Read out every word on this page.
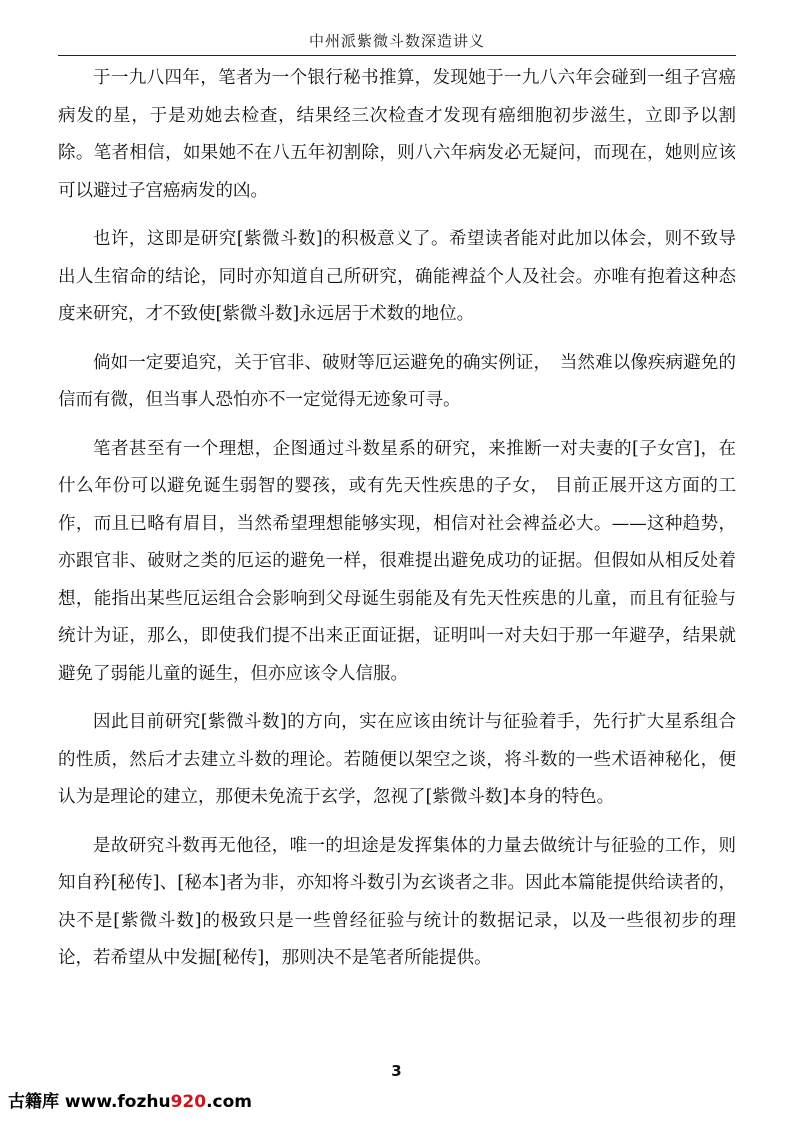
中州派紫微斗数深造讲义

于一九八四年，笔者为一个银行秘书推算，发现她于一九八六年会碰到一组子宫癌病发的星，于是劝她去检查，结果经三次检查才发现有癌细胞初步滋生，立即予以割除。笔者相信，如果她不在八五年初割除，则八六年病发必无疑问，而现在，她则应该可以避过子宫癌病发的凶。

也许，这即是研究[紫微斗数]的积极意义了。希望读者能对此加以体会，则不致导出人生宿命的结论，同时亦知道自己所研究，确能裨益个人及社会。亦唯有抱着这种态度来研究，才不致使[紫微斗数]永远居于术数的地位。

倘如一定要追究，关于官非、破财等厄运避免的确实例证，　当然难以像疾病避免的信而有微，但当事人恐怕亦不一定觉得无迹象可寻。

笔者甚至有一个理想，企图通过斗数星系的研究，来推断一对夫妻的[子女宫]，在什么年份可以避免诞生弱智的婴孩，或有先天性疾患的子女， 目前正展开这方面的工作，而且已略有眉目，当然希望理想能够实现，相信对社会裨益必大。——这种趋势，亦跟官非、破财之类的厄运的避免一样，很难提出避免成功的证据。但假如从相反处着想，能指出某些厄运组合会影响到父母诞生弱能及有先天性疾患的儿童，而且有征验与统计为证，那么，即使我们提不出来正面证据，证明叫一对夫妇于那一年避孕，结果就避免了弱能儿童的诞生，但亦应该令人信服。

因此目前研究[紫微斗数]的方向，实在应该由统计与征验着手，先行扩大星系组合的性质，然后才去建立斗数的理论。若随便以架空之谈，将斗数的一些术语神秘化，便认为是理论的建立，那便未免流于玄学，忽视了[紫微斗数]本身的特色。

是故研究斗数再无他径，唯一的坦途是发挥集体的力量去做统计与征验的工作，则知自矜[秘传]、[秘本]者为非，亦知将斗数引为玄谈者之非。因此本篇能提供给读者的，决不是[紫微斗数]的极致只是一些曾经征验与统计的数据记录，以及一些很初步的理论，若希望从中发掘[秘传]，那则决不是笔者所能提供。

3
古籍库 www.fozhu920.com
